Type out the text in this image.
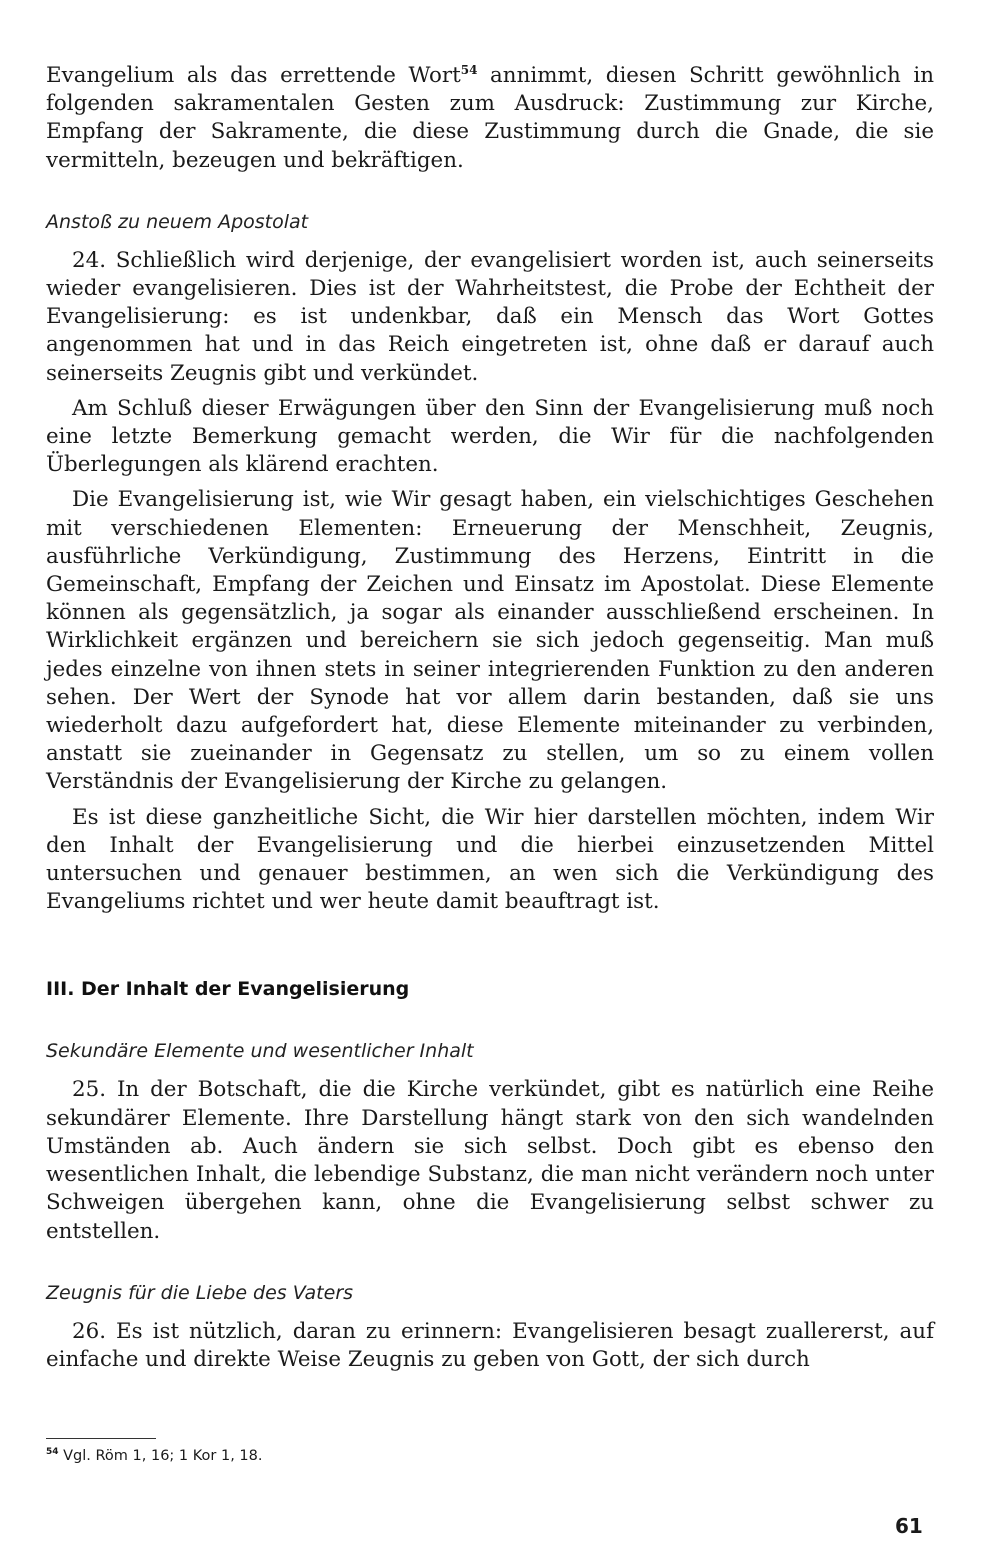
Evangelium als das errettende Wort$^{54}$ annimmt, diesen Schritt gewöhnlich in folgenden sakramentalen Gesten zum Ausdruck: Zustimmung zur Kirche, Empfang der Sakramente, die diese Zustimmung durch die Gnade, die sie vermitteln, bezeugen und bekräftigen.

Anstoß zu neuem Apostolat

24. Schließlich wird derjenige, der evangelisiert worden ist, auch seinerseits wieder evangelisieren. Dies ist der Wahrheitstest, die Probe der Echtheit der Evangelisierung: es ist undenkbar, daß ein Mensch das Wort Gottes angenommen hat und in das Reich eingetreten ist, ohne daß er darauf auch seinerseits Zeugnis gibt und verkündet.

Am Schluß dieser Erwägungen über den Sinn der Evangelisierung muß noch eine letzte Bemerkung gemacht werden, die Wir für die nachfolgenden Überlegungen als klärend erachten.

Die Evangelisierung ist, wie Wir gesagt haben, ein vielschichtiges Geschehen mit verschiedenen Elementen: Erneuerung der Menschheit, Zeugnis, ausführliche Verkündigung, Zustimmung des Herzens, Eintritt in die Gemeinschaft, Empfang der Zeichen und Einsatz im Apostolat. Diese Elemente können als gegensätzlich, ja sogar als einander ausschließend erscheinen. In Wirklichkeit ergänzen und bereichern sie sich jedoch gegenseitig. Man muß jedes einzelne von ihnen stets in seiner integrierenden Funktion zu den anderen sehen. Der Wert der Synode hat vor allem darin bestanden, daß sie uns wiederholt dazu aufgefordert hat, diese Elemente miteinander zu verbinden, anstatt sie zueinander in Gegensatz zu stellen, um so zu einem vollen Verständnis der Evangelisierung der Kirche zu gelangen.

Es ist diese ganzheitliche Sicht, die Wir hier darstellen möchten, indem Wir den Inhalt der Evangelisierung und die hierbei einzusetzenden Mittel untersuchen und genauer bestimmen, an wen sich die Verkündigung des Evangeliums richtet und wer heute damit beauftragt ist.

III. Der Inhalt der Evangelisierung
Sekundäre Elemente und wesentlicher Inhalt

25. In der Botschaft, die die Kirche verkündet, gibt es natürlich eine Reihe sekundärer Elemente. Ihre Darstellung hängt stark von den sich wandelnden Umständen ab. Auch ändern sie sich selbst. Doch gibt es ebenso den wesentlichen Inhalt, die lebendige Substanz, die man nicht verändern noch unter Schweigen übergehen kann, ohne die Evangelisierung selbst schwer zu entstellen.

Zeugnis für die Liebe des Vaters

26. Es ist nützlich, daran zu erinnern: Evangelisieren besagt zuallererst, auf einfache und direkte Weise Zeugnis zu geben von Gott, der sich durch

$^{54}$ Vgl. Röm 1, 16; 1 Kor 1, 18.
61
